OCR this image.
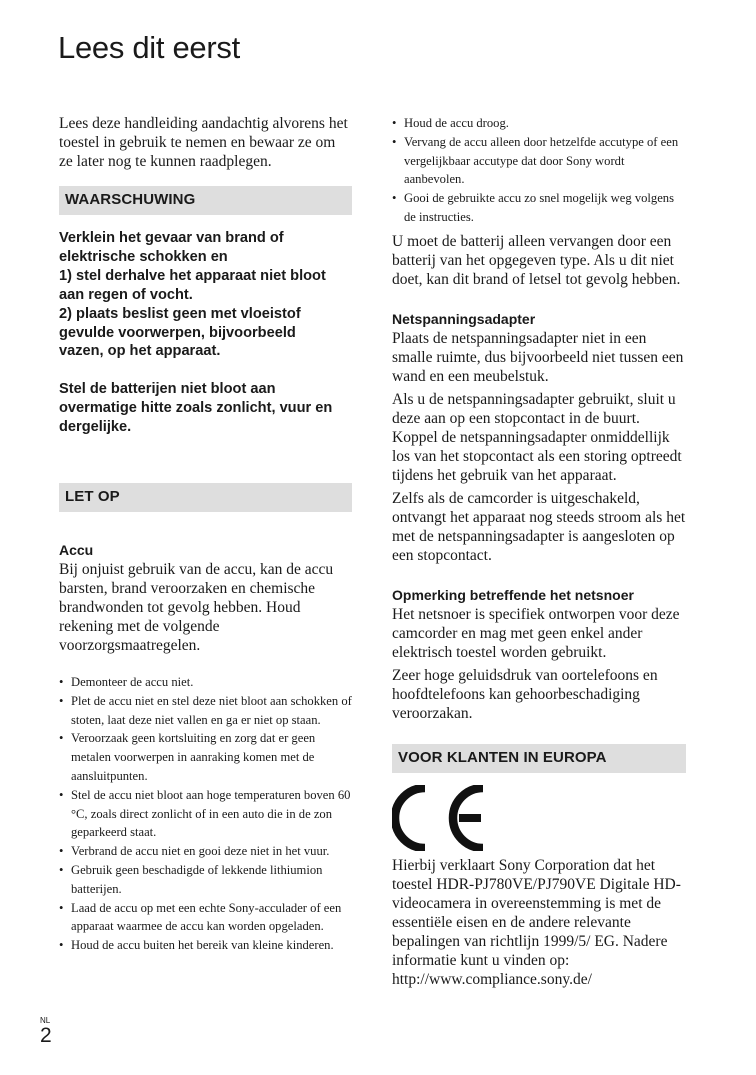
Lees dit eerst

Lees deze handleiding aandachtig alvorens het toestel in gebruik te nemen en bewaar ze om ze later nog te kunnen raadplegen.

WAARSCHUWING

Verklein het gevaar van brand of
elektrische schokken en
1) stel derhalve het apparaat niet bloot
aan regen of vocht.
2) plaats beslist geen met vloeistof
gevulde voorwerpen, bijvoorbeeld
vazen, op het apparaat.

Stel de batterijen niet bloot aan
overmatige hitte zoals zonlicht, vuur en
dergelijke.

LET OP

Accu

Bij onjuist gebruik van de accu, kan de accu barsten, brand veroorzaken en chemische brandwonden tot gevolg hebben. Houd rekening met de volgende voorzorgsmaatregelen.

• Demonteer de accu niet.
• Plet de accu niet en stel deze niet bloot aan schokken of stoten, laat deze niet vallen en ga er niet op staan.
• Veroorzaak geen kortsluiting en zorg dat er geen metalen voorwerpen in aanraking komen met de aansluitpunten.
• Stel de accu niet bloot aan hoge temperaturen boven 60 °C, zoals direct zonlicht of in een auto die in de zon geparkeerd staat.
• Verbrand de accu niet en gooi deze niet in het vuur.
• Gebruik geen beschadigde of lekkende lithiumion batterijen.
• Laad de accu op met een echte Sony-acculader of een apparaat waarmee de accu kan worden opgeladen.
• Houd de accu buiten het bereik van kleine kinderen.
• Houd de accu droog.
• Vervang de accu alleen door hetzelfde accutype of een vergelijkbaar accutype dat door Sony wordt aanbevolen.
• Gooi de gebruikte accu zo snel mogelijk weg volgens de instructies.

U moet de batterij alleen vervangen door een batterij van het opgegeven type. Als u dit niet doet, kan dit brand of letsel tot gevolg hebben.

Netspanningsadapter

Plaats de netspanningsadapter niet in een smalle ruimte, dus bijvoorbeeld niet tussen een wand en een meubelstuk.

Als u de netspanningsadapter gebruikt, sluit u deze aan op een stopcontact in de buurt. Koppel de netspanningsadapter onmiddellijk los van het stopcontact als een storing optreedt tijdens het gebruik van het apparaat.

Zelfs als de camcorder is uitgeschakeld, ontvangt het apparaat nog steeds stroom als het met de netspanningsadapter is aangesloten op een stopcontact.

Opmerking betreffende het netsnoer

Het netsnoer is specifiek ontworpen voor deze camcorder en mag met geen enkel ander elektrisch toestel worden gebruikt.

Zeer hoge geluidsdruk van oortelefoons en hoofdtelefoons kan gehoorbeschadiging veroorzakan.

VOOR KLANTEN IN EUROPA

Hierbij verklaart Sony Corporation dat het toestel HDR-PJ780VE/PJ790VE Digitale HD-videocamera in overeenstemming is met de essentiële eisen en de andere relevante bepalingen van richtlijn 1999/5/ EG. Nadere informatie kunt u vinden op: http://www.compliance.sony.de/

NL
2
